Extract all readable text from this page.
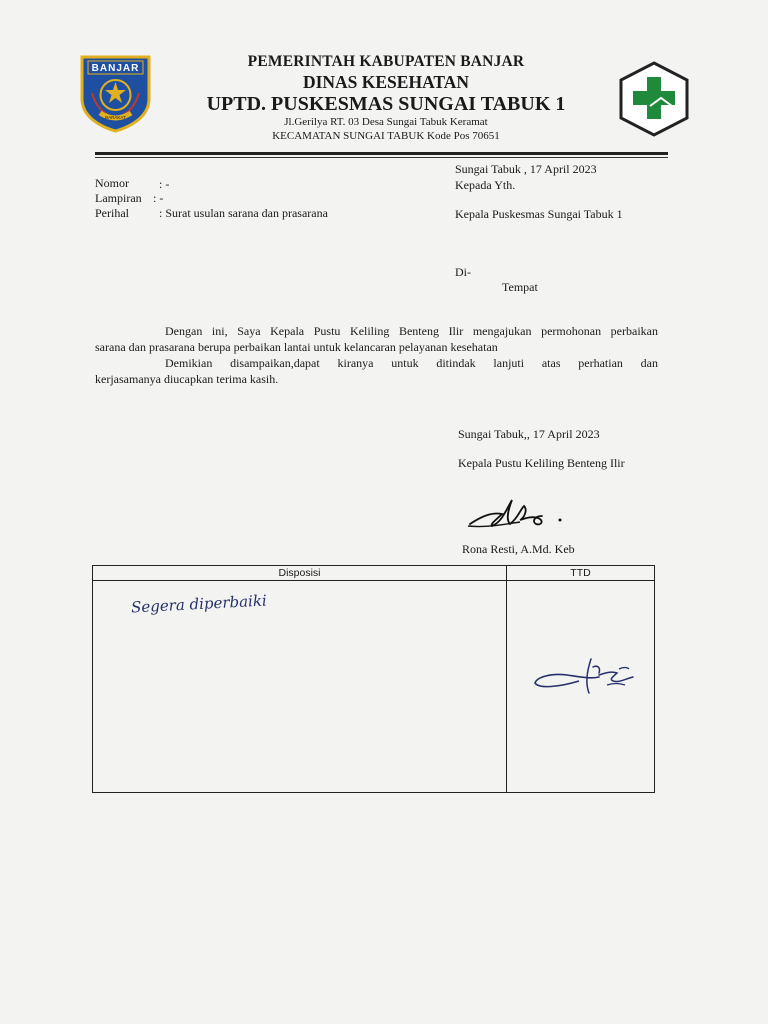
BANJAR
BARAKAT
PEMERINTAH KABUPATEN BANJAR
DINAS KESEHATAN
UPTD. PUSKESMAS SUNGAI TABUK 1
Jl.Gerilya RT. 03 Desa Sungai Tabuk Keramat
KECAMATAN SUNGAI TABUK Kode Pos 70651
Sungai Tabuk , 17 April 2023
Kepada Yth.
Kepala Puskesmas Sungai Tabuk 1
Di-
Tempat
Nomor	: -
Lampiran : -
Perihal	: Surat usulan sarana dan prasarana
Dengan ini, Saya Kepala Pustu Keliling Benteng Ilir mengajukan permohonan perbaikan
sarana dan prasarana berupa perbaikan lantai untuk kelancaran pelayanan kesehatan
Demikian disampaikan,dapat kiranya untuk ditindak lanjuti atas perhatian dan
kerjasamanya diucapkan terima kasih.
Sungai Tabuk,, 17 April 2023
Kepala Pustu Keliling Benteng Ilir
Rona Resti, A.Md. Keb
Disposisi	TTD

Segera diperbaiki
